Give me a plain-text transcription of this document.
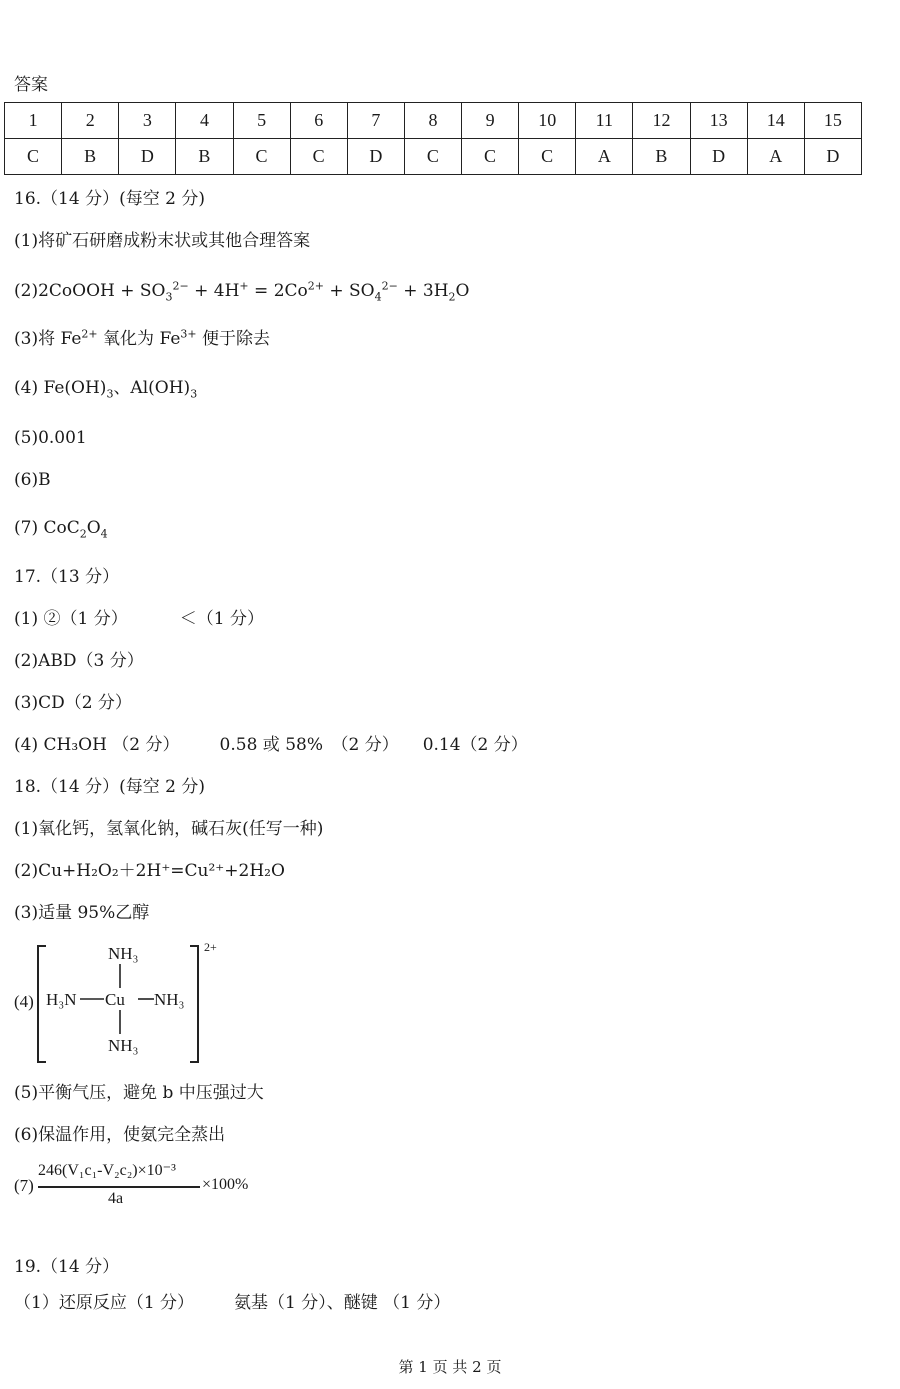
答案
1	2	3	4	5	6	7	8	9	10	11	12	13	14	15
C	B	D	B	C	C	D	C	C	C	A	B	D	A	D
16.（14 分）(每空 2 分)
(1)将矿石研磨成粉末状或其他合理答案
(2)2CoOOH + $SO_3^{2-} + 4H^+ = 2Co^{2+} + SO_4^{2-} + 3H_2O$
(3)将 $Fe^{2+}$ 氧化为 $Fe^{3+}$ 便于除去
(4) $Fe(OH)_3$、$Al(OH)_3$
(5)0.001
(6)B
(7) $CoC_2O_4$
17.（13 分）
(1) ②（1 分）	＜（1 分）
(2)ABD（3 分）
(3)CD（2 分）
(4) CH₃OH （2 分） 0.58 或 58%　（2 分） 0.14（2 分）
18.（14 分）(每空 2 分)
(1)氧化钙，氢氧化钠，碱石灰(任写一种)
(2)Cu+H₂O₂＋2H⁺=Cu²⁺+2H₂O
(3)适量 95%乙醇
(4)
NH₃
H₃N Cu NH₃
NH₃
2+
(5)平衡气压，避免 b 中压强过大
(6)保温作用，使氨完全蒸出
(7)
246(V₁c₁-V₂c₂)×10⁻³
4a
×100%
19.（14 分）
（1）还原反应（1 分） 氨基（1 分）、醚键 （1 分）
第 1 页 共 2 页
